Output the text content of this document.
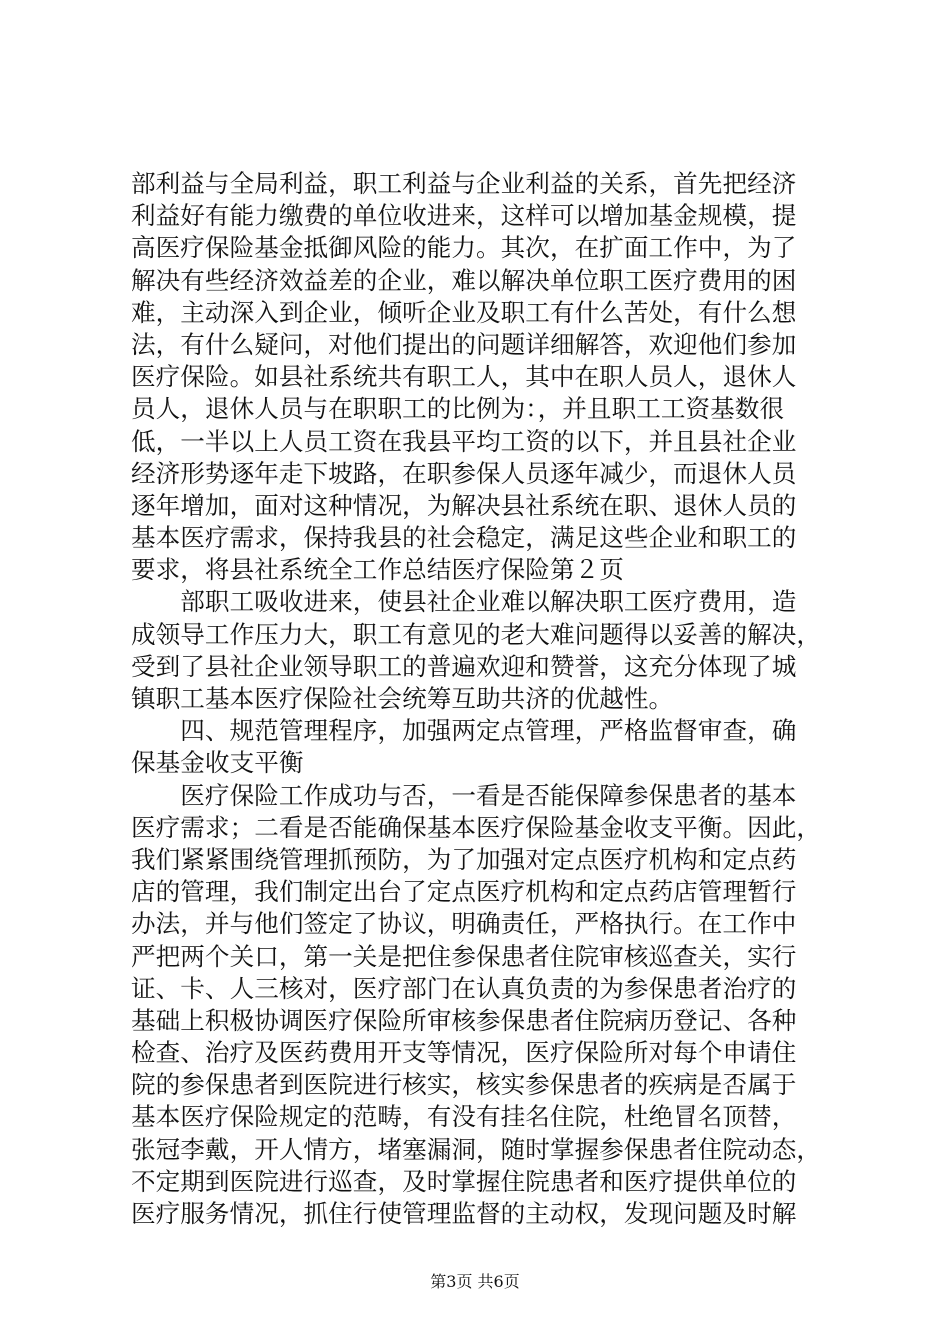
部利益与全局利益，职工利益与企业利益的关系，首先把经济
利益好有能力缴费的单位收进来，这样可以增加基金规模，提
高医疗保险基金抵御风险的能力。其次，在扩面工作中，为了
解决有些经济效益差的企业，难以解决单位职工医疗费用的困
难，主动深入到企业，倾听企业及职工有什么苦处，有什么想
法，有什么疑问，对他们提出的问题详细解答，欢迎他们参加
医疗保险。如县社系统共有职工人，其中在职人员人，退休人
员人，退休人员与在职职工的比例为：，并且职工工资基数很
低，一半以上人员工资在我县平均工资的以下，并且县社企业
经济形势逐年走下坡路，在职参保人员逐年减少，而退休人员
逐年增加，面对这种情况，为解决县社系统在职、退休人员的
基本医疗需求，保持我县的社会稳定，满足这些企业和职工的
要求，将县社系统全工作总结医疗保险第２页
　　部职工吸收进来，使县社企业难以解决职工医疗费用，造
成领导工作压力大，职工有意见的老大难问题得以妥善的解决，
受到了县社企业领导职工的普遍欢迎和赞誉，这充分体现了城
镇职工基本医疗保险社会统筹互助共济的优越性。
　　四、规范管理程序，加强两定点管理，严格监督审查，确
保基金收支平衡
　　医疗保险工作成功与否，一看是否能保障参保患者的基本
医疗需求；二看是否能确保基本医疗保险基金收支平衡。因此，
我们紧紧围绕管理抓预防，为了加强对定点医疗机构和定点药
店的管理，我们制定出台了定点医疗机构和定点药店管理暂行
办法，并与他们签定了协议，明确责任，严格执行。在工作中
严把两个关口，第一关是把住参保患者住院审核巡查关，实行
证、卡、人三核对，医疗部门在认真负责的为参保患者治疗的
基础上积极协调医疗保险所审核参保患者住院病历登记、各种
检查、治疗及医药费用开支等情况，医疗保险所对每个申请住
院的参保患者到医院进行核实，核实参保患者的疾病是否属于
基本医疗保险规定的范畴，有没有挂名住院，杜绝冒名顶替，
张冠李戴，开人情方，堵塞漏洞，随时掌握参保患者住院动态，
不定期到医院进行巡查，及时掌握住院患者和医疗提供单位的
医疗服务情况，抓住行使管理监督的主动权，发现问题及时解
第3页 共6页
